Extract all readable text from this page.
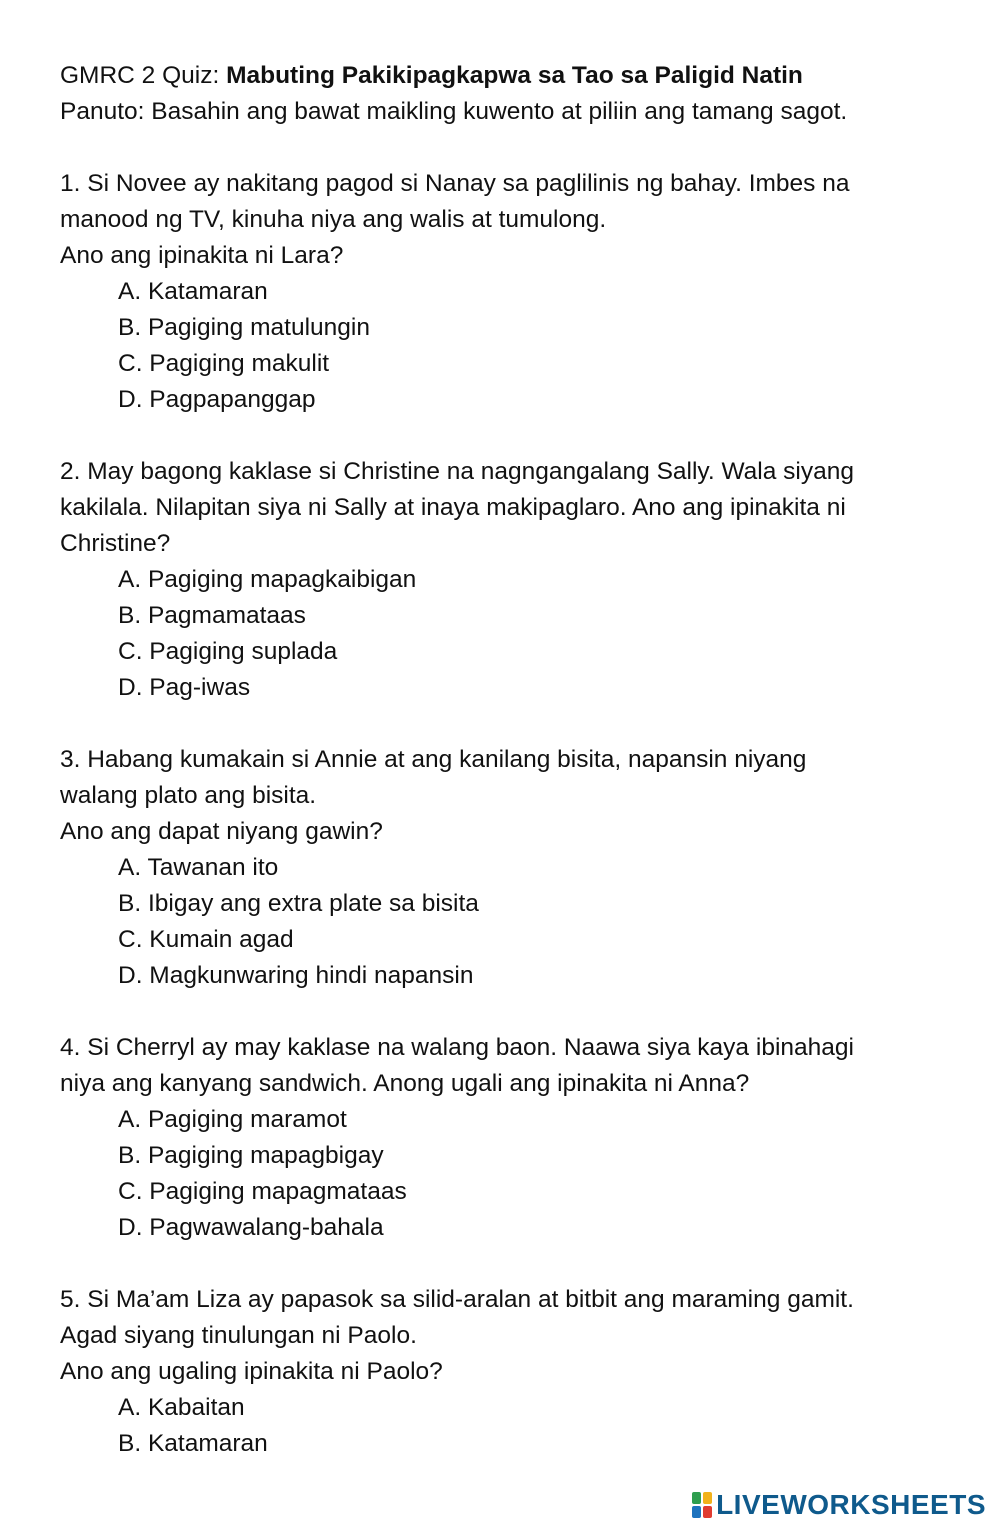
GMRC 2 Quiz: Mabuting Pakikipagkapwa sa Tao sa Paligid Natin
Panuto: Basahin ang bawat maikling kuwento at piliin ang tamang sagot.
1. Si Novee ay nakitang pagod si Nanay sa paglilinis ng bahay. Imbes na
manood ng TV, kinuha niya ang walis at tumulong.
Ano ang ipinakita ni Lara?
A. Katamaran
B. Pagiging matulungin
C. Pagiging makulit
D. Pagpapanggap
2. May bagong kaklase si Christine na nagngangalang Sally. Wala siyang
kakilala. Nilapitan siya ni Sally at inaya makipaglaro. Ano ang ipinakita ni
Christine?
A. Pagiging mapagkaibigan
B. Pagmamataas
C. Pagiging suplada
D. Pag-iwas
3. Habang kumakain si Annie at ang kanilang bisita, napansin niyang
walang plato ang bisita.
Ano ang dapat niyang gawin?
A. Tawanan ito
B. Ibigay ang extra plate sa bisita
C. Kumain agad
D. Magkunwaring hindi napansin
4. Si Cherryl ay may kaklase na walang baon. Naawa siya kaya ibinahagi
niya ang kanyang sandwich. Anong ugali ang ipinakita ni Anna?
A. Pagiging maramot
B. Pagiging mapagbigay
C. Pagiging mapagmataas
D. Pagwawalang-bahala
5. Si Ma’am Liza ay papasok sa silid-aralan at bitbit ang maraming gamit.
Agad siyang tinulungan ni Paolo.
Ano ang ugaling ipinakita ni Paolo?
A. Kabaitan
B. Katamaran
LIVEWORKSHEETS
